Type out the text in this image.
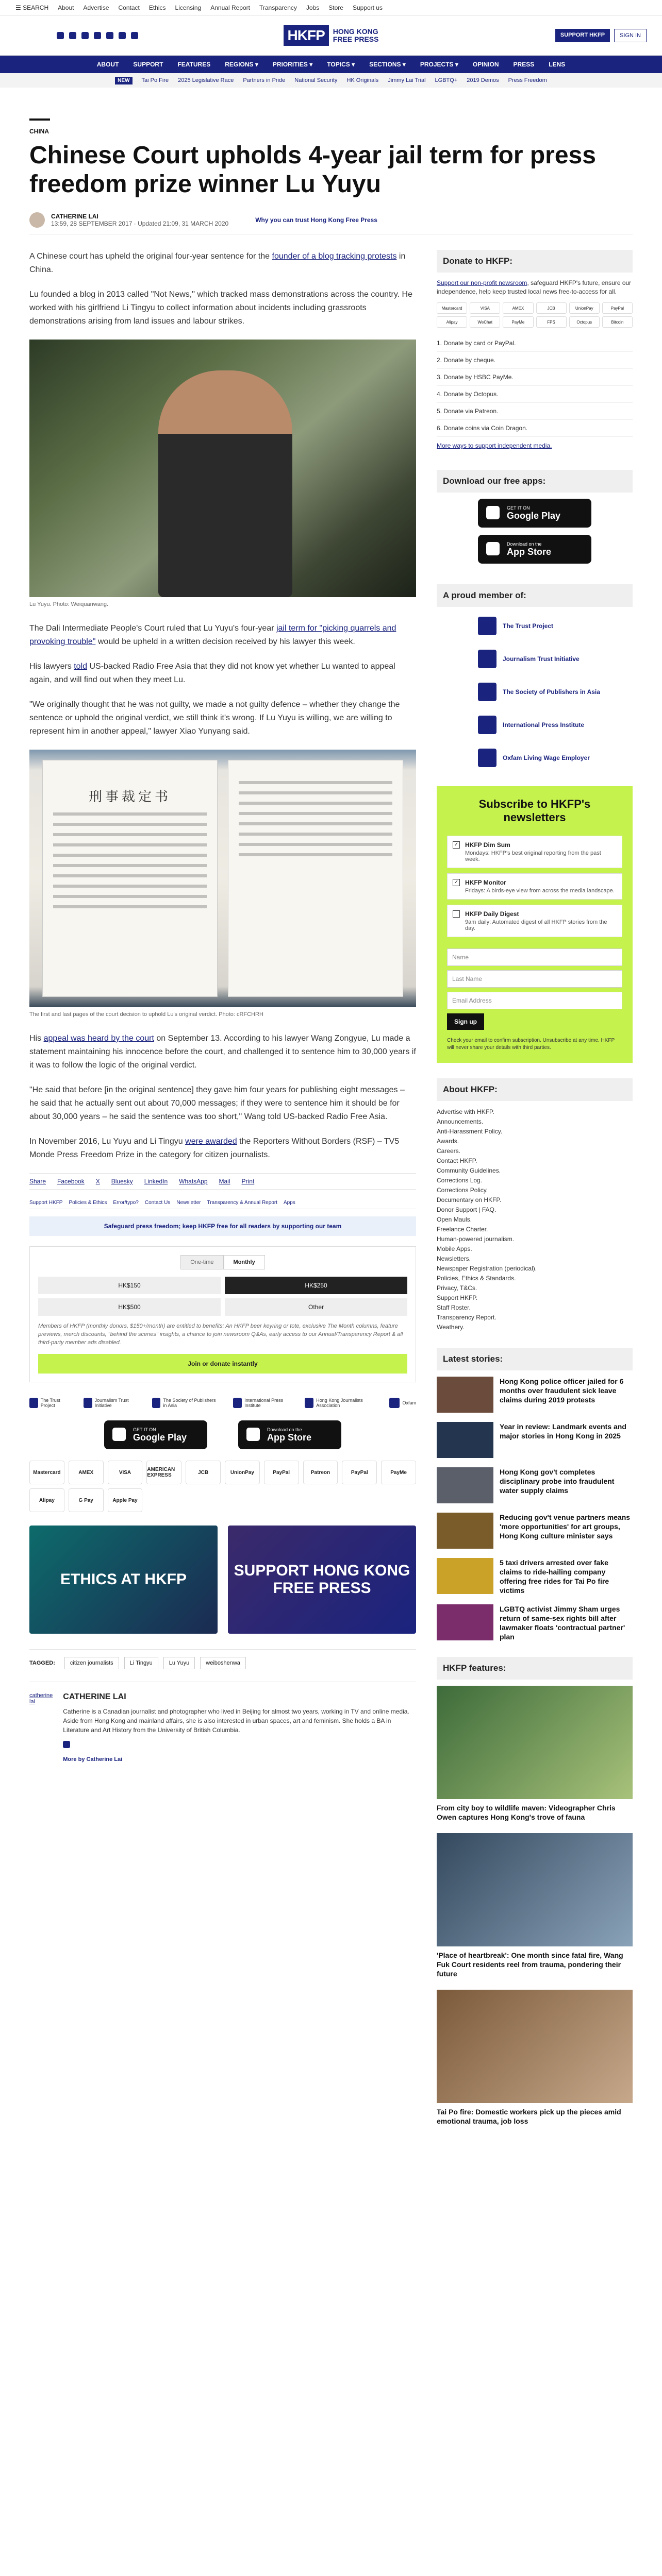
☰ SEARCH About Advertise Contact Ethics Licensing Annual Report Transparency Jobs Store Support us
HKFP	HONG KONG
FREE PRESS	SUPPORT HKFP	SIGN IN
ABOUT SUPPORT FEATURES REGIONS ▾ PRIORITIES ▾ TOPICS ▾ SECTIONS ▾ PROJECTS ▾ OPINION PRESS LENS
NEW	Tai Po Fire 2025 Legislative Race Partners in Pride National Security HK Originals Jimmy Lai Trial LGBTQ+ 2019 Demos Press Freedom
CHINA
Chinese Court upholds 4-year jail term for press freedom prize winner Lu Yuyu
CATHERINE LAI
13:59, 28 SEPTEMBER 2017 · Updated 21:09, 31 MARCH 2020	Why you can trust Hong Kong Free Press

A Chinese court has upheld the original four-year sentence for the founder of a blog tracking protests in China.

Lu founded a blog in 2013 called "Not News," which tracked mass demonstrations across the country. He worked with his girlfriend Li Tingyu to collect information about incidents including grassroots demonstrations arising from land issues and labour strikes.

Lu Yuyu. Photo: Weiquanwang.

The Dali Intermediate People's Court ruled that Lu Yuyu's four-year jail term for "picking quarrels and provoking trouble" would be upheld in a written decision received by his lawyer this week.

His lawyers told US-backed Radio Free Asia that they did not know yet whether Lu wanted to appeal again, and will find out when they meet Lu.

"We originally thought that he was not guilty, we made a not guilty defence – whether they change the sentence or uphold the original verdict, we still think it's wrong. If Lu Yuyu is willing, we are willing to represent him in another appeal," lawyer Xiao Yunyang said.

刑事裁定书
The first and last pages of the court decision to uphold Lu's original verdict. Photo: cRFCHRH

His appeal was heard by the court on September 13. According to his lawyer Wang Zongyue, Lu made a statement maintaining his innocence before the court, and challenged it to sentence him to 30,000 years if it was to follow the logic of the original verdict.

"He said that before [in the original sentence] they gave him four years for publishing eight messages – he said that he actually sent out about 70,000 messages; if they were to sentence him it should be for about 30,000 years – he said the sentence was too short," Wang told US-backed Radio Free Asia.

In November 2016, Lu Yuyu and Li Tingyu were awarded the Reporters Without Borders (RSF) – TV5 Monde Press Freedom Prize in the category for citizen journalists.

Share Facebook X Bluesky LinkedIn WhatsApp Mail Print
Support HKFP Policies & Ethics Error/typo? Contact Us Newsletter Transparency & Annual Report Apps
Safeguard press freedom; keep HKFP free for all readers by supporting our team
One-time	Monthly
HK$150	HK$250
HK$500	Other
Members of HKFP (monthly donors, $150+/month) are entitled to benefits: An HKFP beer keyring or tote, exclusive The Month columns, feature previews, merch discounts, "behind the scenes" insights, a chance to join newsroom Q&As, early access to our Annual/Transparency Report & all third-party member ads disabled.
Join or donate instantly
The Trust Project
Journalism Trust Initiative
The Society of Publishers in Asia
International Press Institute
Hong Kong Journalists Association	Oxfam
GET IT ON
Google Play
Download on the
App Store
Mastercard	AMEX	VISA	AMERICAN EXPRESS	JCB	UnionPay	PayPal	Patreon	PayPal	PayMe
Alipay	G Pay	Apple Pay
ETHICS AT HKFP
SUPPORT HONG KONG FREE PRESS
TAGGED:	citizen journalists	Li Tingyu	Lu Yuyu	weiboshenwa
catherine lai
CATHERINE LAI

Catherine is a Canadian journalist and photographer who lived in Beijing for almost two years, working in TV and online media. Aside from Hong Kong and mainland affairs, she is also interested in urban spaces, art and feminism. She holds a BA in Literature and Art History from the University of British Columbia.

More by Catherine Lai
Donate to HKFP:
Support our non-profit newsroom, safeguard HKFP's future, ensure our independence, help keep trusted local news free-to-access for all.
Mastercard	VISA	AMEX	JCB	UnionPay	PayPal
Alipay	WeChat	PayMe	FPS	Octopus	Bitcoin
1. Donate by card or PayPal.
2. Donate by cheque.
3. Donate by HSBC PayMe.
4. Donate by Octopus.
5. Donate via Patreon.
6. Donate coins via Coin Dragon.
More ways to support independent media.
Download our free apps:
GET IT ON
Google Play
Download on the
App Store
A proud member of:
The Trust Project
Journalism Trust Initiative
The Society of Publishers in Asia
International Press Institute
Oxfam Living Wage Employer
Subscribe to HKFP's newsletters
✓ HKFP Dim Sum
Mondays: HKFP's best original reporting from the past week.
✓ HKFP Monitor
Fridays: A birds-eye view from across the media landscape.
HKFP Daily Digest
9am daily: Automated digest of all HKFP stories from the day.
Name
Last Name
Email Address
Sign up
Check your email to confirm subscription. Unsubscribe at any time. HKFP will never share your details with third parties.
About HKFP:
Advertise with HKFP.
Announcements.
Anti-Harassment Policy.
Awards.
Careers.
Contact HKFP.
Community Guidelines.
Corrections Log.
Corrections Policy.
Documentary on HKFP.
Donor Support | FAQ.
Open Mauls.
Freelance Charter.
Human-powered journalism.
Mobile Apps.
Newsletters.
Newspaper Registration (periodical).
Policies, Ethics & Standards.
Privacy, T&Cs.
Support HKFP.
Staff Roster.
Transparency Report.
Weathery.
Latest stories:
Hong Kong police officer jailed for 6 months over fraudulent sick leave claims during 2019 protests
Year in review: Landmark events and major stories in Hong Kong in 2025
Hong Kong gov't completes disciplinary probe into fraudulent water supply claims
Reducing gov't venue partners means 'more opportunities' for art groups, Hong Kong culture minister says
5 taxi drivers arrested over fake claims to ride-hailing company offering free rides for Tai Po fire victims
LGBTQ activist Jimmy Sham urges return of same-sex rights bill after lawmaker floats 'contractual partner' plan
HKFP features:
From city boy to wildlife maven: Videographer Chris Owen captures Hong Kong's trove of fauna
'Place of heartbreak': One month since fatal fire, Wang Fuk Court residents reel from trauma, pondering their future
Tai Po fire: Domestic workers pick up the pieces amid emotional trauma, job loss
